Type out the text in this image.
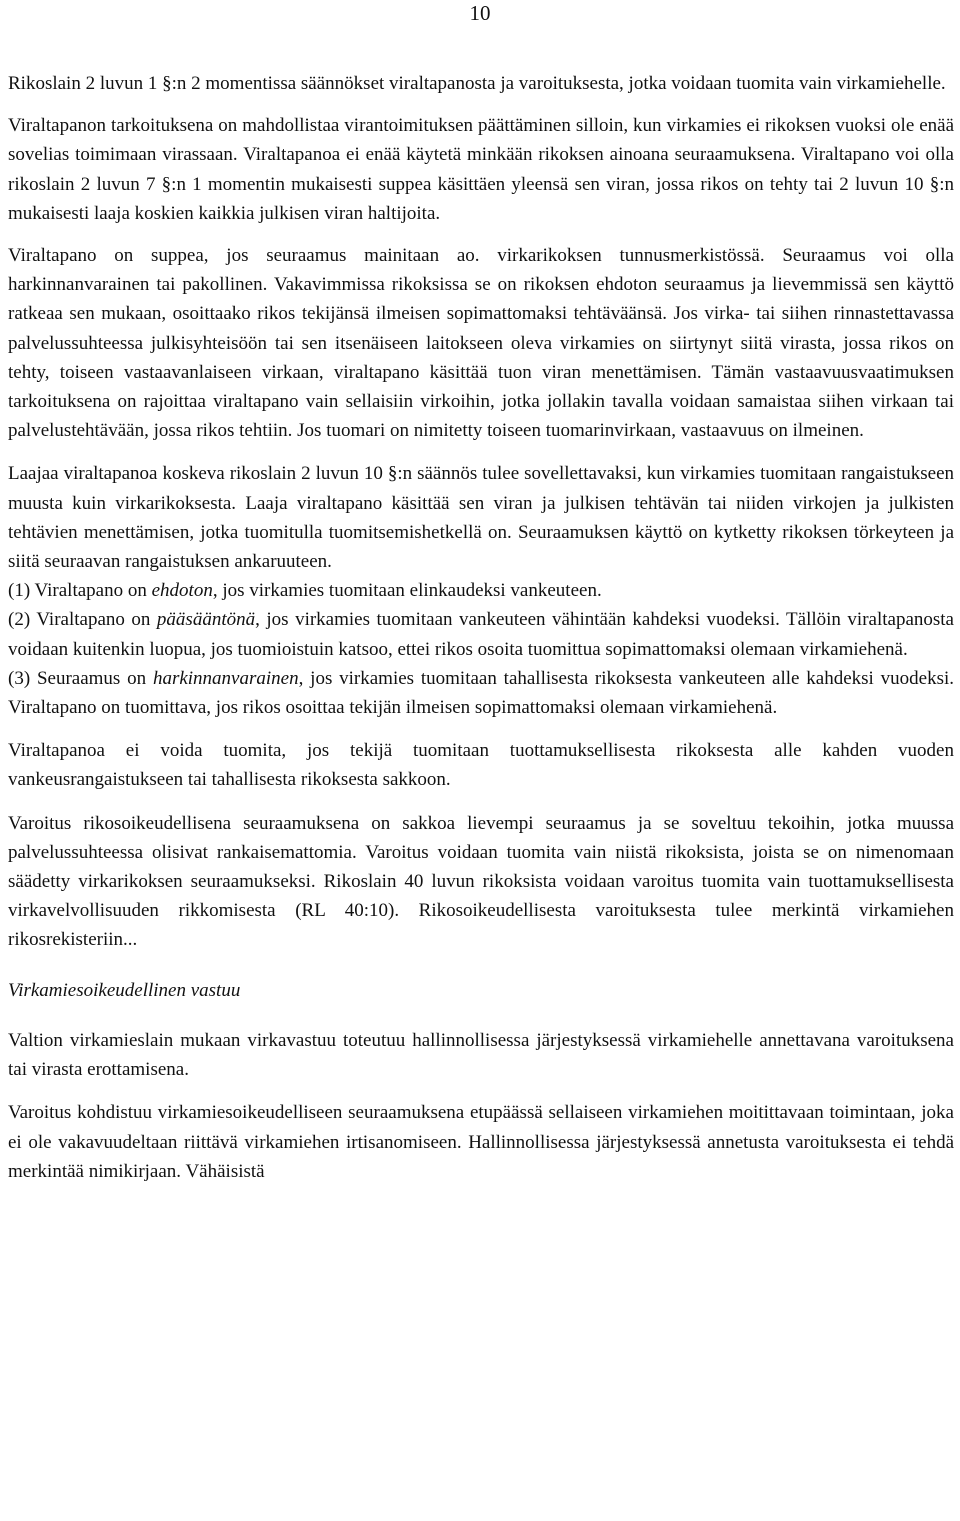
10

Rikoslain 2 luvun 1 §:n 2 momentissa säännökset viraltapanosta ja varoituksesta, jotka voidaan tuomita vain virkamiehelle.

Viraltapanon tarkoituksena on mahdollistaa virantoimituksen päättäminen silloin, kun virkamies ei rikoksen vuoksi ole enää sovelias toimimaan virassaan. Viraltapanoa ei enää käytetä minkään rikoksen ainoana seuraamuksena. Viraltapano voi olla rikoslain 2 luvun 7 §:n 1 momentin mukaisesti suppea käsittäen yleensä sen viran, jossa rikos on tehty tai 2 luvun 10 §:n mukaisesti laaja koskien kaikkia julkisen viran haltijoita.

Viraltapano on suppea, jos seuraamus mainitaan ao. virkarikoksen tunnusmerkistössä. Seuraamus voi olla harkinnanvarainen tai pakollinen. Vakavimmissa rikoksissa se on rikoksen ehdoton seuraamus ja lievemmissä sen käyttö ratkeaa sen mukaan, osoittaako rikos tekijänsä ilmeisen sopimattomaksi tehtäväänsä. Jos virka- tai siihen rinnastettavassa palvelussuhteessa julkisyhteisöön tai sen itsenäiseen laitokseen oleva virkamies on siirtynyt siitä virasta, jossa rikos on tehty, toiseen vastaavanlaiseen virkaan, viraltapano käsittää tuon viran menettämisen. Tämän vastaavuusvaatimuksen tarkoituksena on rajoittaa viraltapano vain sellaisiin virkoihin, jotka jollakin tavalla voidaan samaistaa siihen virkaan tai palvelustehtävään, jossa rikos tehtiin. Jos tuomari on nimitetty toiseen tuomarinvirkaan, vastaavuus on ilmeinen.

Laajaa viraltapanoa koskeva rikoslain 2 luvun 10 §:n säännös tulee sovellettavaksi, kun virkamies tuomitaan rangaistukseen muusta kuin virkarikoksesta. Laaja viraltapano käsittää sen viran ja julkisen tehtävän tai niiden virkojen ja julkisten tehtävien menettämisen, jotka tuomitulla tuomitsemishetkellä on. Seuraamuksen käyttö on kytketty rikoksen törkeyteen ja siitä seuraavan rangaistuksen ankaruuteen.

(1) Viraltapano on ehdoton, jos virkamies tuomitaan elinkaudeksi vankeuteen.

(2) Viraltapano on pääsääntönä, jos virkamies tuomitaan vankeuteen vähintään kahdeksi vuodeksi. Tällöin viraltapanosta voidaan kuitenkin luopua, jos tuomioistuin katsoo, ettei rikos osoita tuomittua sopimattomaksi olemaan virkamiehenä.

(3) Seuraamus on harkinnanvarainen, jos virkamies tuomitaan tahallisesta rikoksesta vankeuteen alle kahdeksi vuodeksi. Viraltapano on tuomittava, jos rikos osoittaa tekijän ilmeisen sopimattomaksi olemaan virkamiehenä.

Viraltapanoa ei voida tuomita, jos tekijä tuomitaan tuottamuksellisesta rikoksesta alle kahden vuoden vankeusrangaistukseen tai tahallisesta rikoksesta sakkoon.

Varoitus rikosoikeudellisena seuraamuksena on sakkoa lievempi seuraamus ja se soveltuu tekoihin, jotka muussa palvelussuhteessa olisivat rankaisemattomia. Varoitus voidaan tuomita vain niistä rikoksista, joista se on nimenomaan säädetty virkarikoksen seuraamukseksi. Rikoslain 40 luvun rikoksista voidaan varoitus tuomita vain tuottamuksellisesta virkavelvollisuuden rikkomisesta (RL 40:10). Rikosoikeudellisesta varoituksesta tulee merkintä virkamiehen rikosrekisteriin...

Virkamiesoikeudellinen vastuu

Valtion virkamieslain mukaan virkavastuu toteutuu hallinnollisessa järjestyksessä virkamiehelle annettavana varoituksena tai virasta erottamisena.

Varoitus kohdistuu virkamiesoikeudelliseen seuraamuksena etupäässä sellaiseen virkamiehen moitittavaan toimintaan, joka ei ole vakavuudeltaan riittävä virkamiehen irtisanomiseen. Hallinnollisessa järjestyksessä annetusta varoituksesta ei tehdä merkintää nimikirjaan. Vähäisistä
